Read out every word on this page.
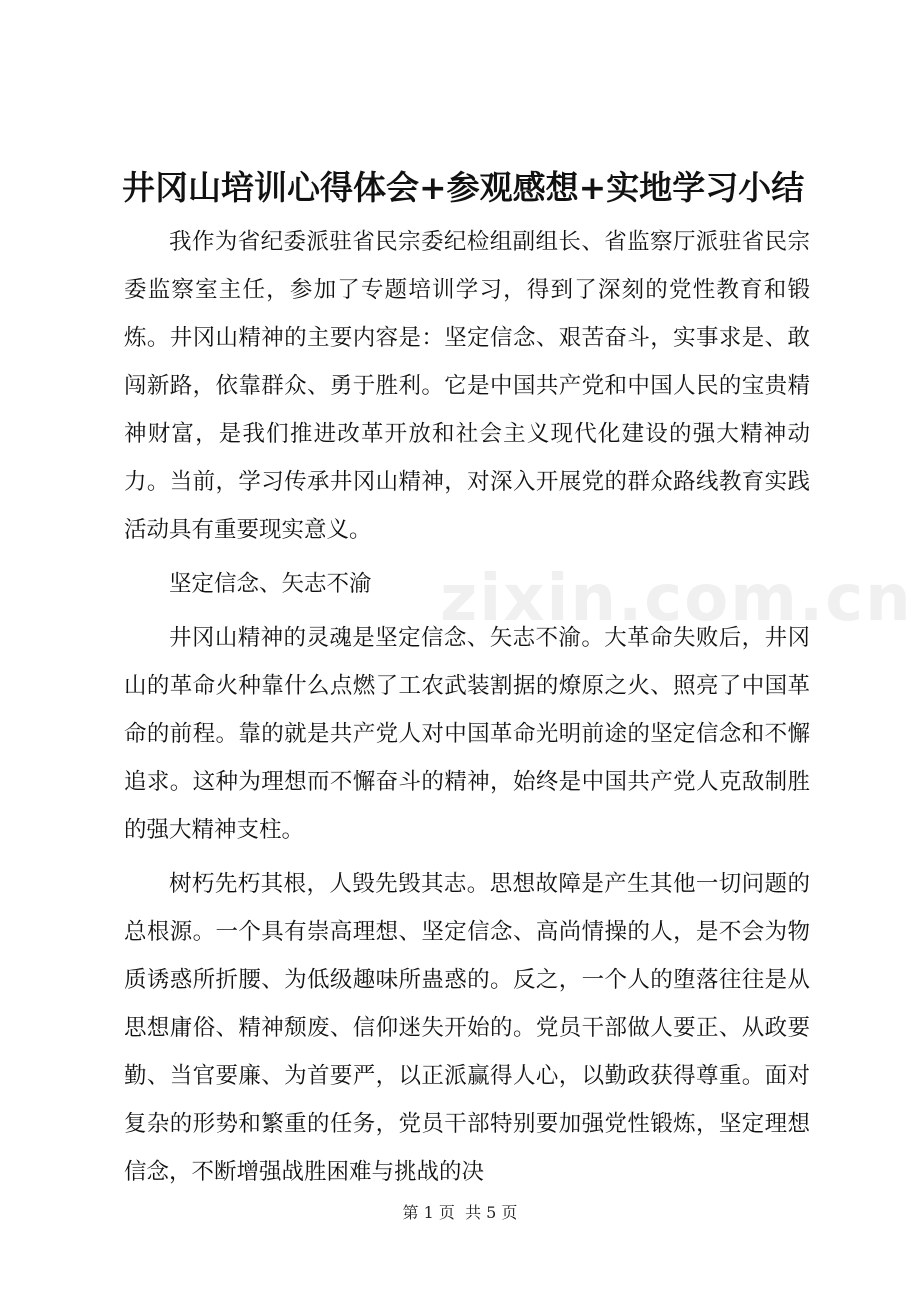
井冈山培训心得体会+参观感想+实地学习小结

我作为省纪委派驻省民宗委纪检组副组长、省监察厅派驻省民宗委监察室主任，参加了专题培训学习，得到了深刻的党性教育和锻炼。井冈山精神的主要内容是：坚定信念、艰苦奋斗，实事求是、敢闯新路，依靠群众、勇于胜利。它是中国共产党和中国人民的宝贵精神财富，是我们推进改革开放和社会主义现代化建设的强大精神动力。当前，学习传承井冈山精神，对深入开展党的群众路线教育实践活动具有重要现实意义。

坚定信念、矢志不渝

井冈山精神的灵魂是坚定信念、矢志不渝。大革命失败后，井冈山的革命火种靠什么点燃了工农武装割据的燎原之火、照亮了中国革命的前程。靠的就是共产党人对中国革命光明前途的坚定信念和不懈追求。这种为理想而不懈奋斗的精神，始终是中国共产党人克敌制胜的强大精神支柱。

树朽先朽其根，人毁先毁其志。思想故障是产生其他一切问题的总根源。一个具有崇高理想、坚定信念、高尚情操的人，是不会为物质诱惑所折腰、为低级趣味所蛊惑的。反之，一个人的堕落往往是从思想庸俗、精神颓废、信仰迷失开始的。党员干部做人要正、从政要勤、当官要廉、为首要严，以正派赢得人心，以勤政获得尊重。面对复杂的形势和繁重的任务，党员干部特别要加强党性锻炼，坚定理想信念，不断增强战胜困难与挑战的决

zixin.com.cn
第 1 页  共 5 页
